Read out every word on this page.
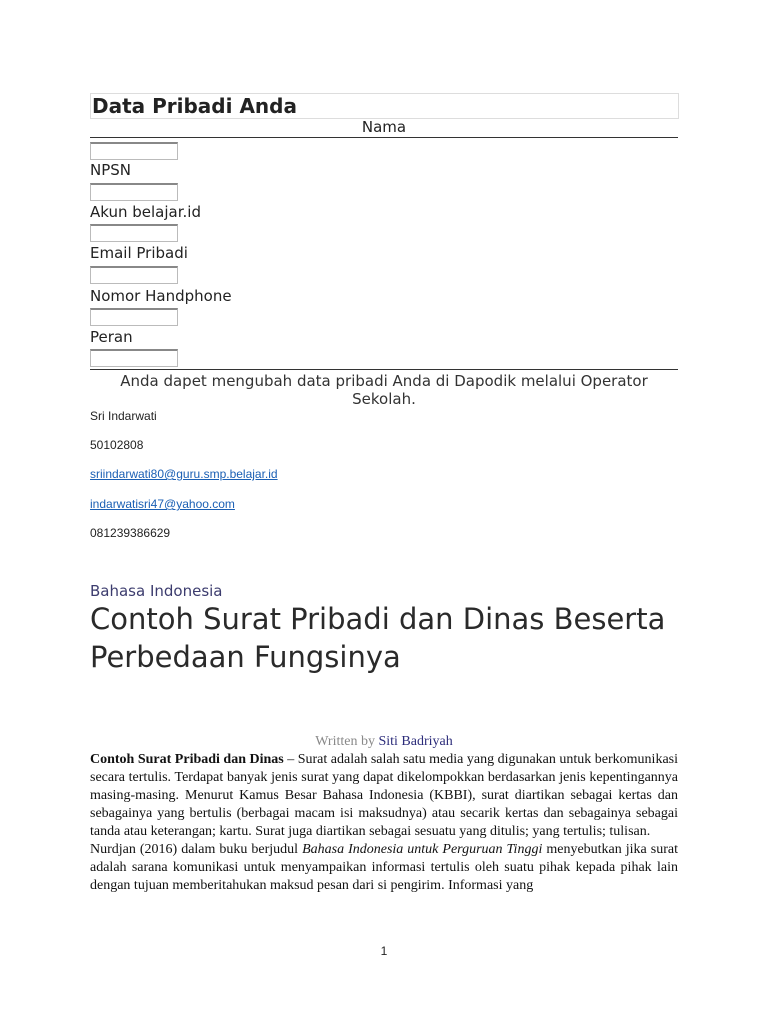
Data Pribadi Anda
Nama
NPSN
Akun belajar.id
Email Pribadi
Nomor Handphone
Peran
Anda dapet mengubah data pribadi Anda di Dapodik melalui Operator Sekolah.
Sri Indarwati
50102808
sriindarwati80@guru.smp.belajar.id
indarwatisri47@yahoo.com
081239386629
Bahasa Indonesia
Contoh Surat Pribadi dan Dinas Beserta Perbedaan Fungsinya
Written by Siti Badriyah

Contoh Surat Pribadi dan Dinas – Surat adalah salah satu media yang digunakan untuk berkomunikasi secara tertulis. Terdapat banyak jenis surat yang dapat dikelompokkan berdasarkan jenis kepentingannya masing-masing. Menurut Kamus Besar Bahasa Indonesia (KBBI), surat diartikan sebagai kertas dan sebagainya yang bertulis (berbagai macam isi maksudnya) atau secarik kertas dan sebagainya sebagai tanda atau keterangan; kartu. Surat juga diartikan sebagai sesuatu yang ditulis; yang tertulis; tulisan.

Nurdjan (2016) dalam buku berjudul Bahasa Indonesia untuk Perguruan Tinggi menyebutkan jika surat adalah sarana komunikasi untuk menyampaikan informasi tertulis oleh suatu pihak kepada pihak lain dengan tujuan memberitahukan maksud pesan dari si pengirim. Informasi yang

1
